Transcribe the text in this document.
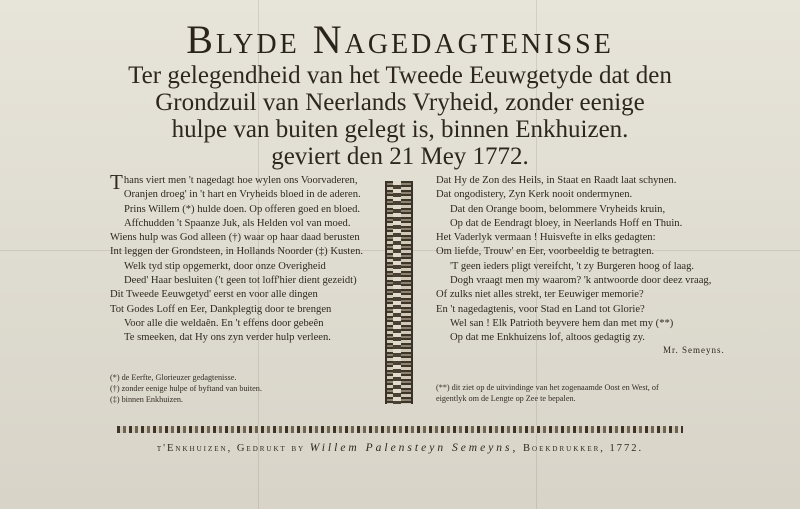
Blyde Nagedagtenisse
Ter gelegendheid van het Tweede Eeuwgetyde dat den
Grondzuil van Neerlands Vryheid, zonder eenige
hulpe van buiten gelegt is, binnen Enkhuizen.
geviert den 21 Mey 1772.
Thans viert men 't nagedagt hoe wylen ons Voorvaderen,
Oranjen droeg' in 't hart en Vryheids bloed in de aderen.
Prins Willem (*) hulde doen. Op offeren goed en bloed.
Affchudden 't Spaanze Juk, als Helden vol van moed.
Wiens hulp was God alleen (†) waar op haar daad berusten
Int leggen der Grondsteen, in Hollands Noorder (‡) Kusten.
Welk tyd stip opgemerkt, door onze Overigheid
Deed' Haar besluiten ('t geen tot loff'hier dient gezeidt)
Dit Tweede Eeuwgetyd' eerst en voor alle dingen
Tot Godes Loff en Eer, Dankplegtig door te brengen
Voor alle die weldaên. En 't effens door gebeên
Te smeeken, dat Hy ons zyn verder hulp verleen.
Dat Hy de Zon des Heils, in Staat en Raadt laat schynen.
Dat ongodistery, Zyn Kerk nooit ondermynen.
Dat den Orange boom, belommere Vryheids kruin,
Op dat de Eendragt bloey, in Neerlands Hoff en Thuin.
Het Vaderlyk vermaan ! Huisvefte in elks gedagten:
Om liefde, Trouw' en Eer, voorbeeldig te betragten.
'T geen ieders pligt vereifcht, 't zy Burgeren hoog of laag.
Dogh vraagt men my waarom? 'k antwoorde door deez vraag,
Of zulks niet alles strekt, ter Eeuwiger memorie?
En 't nagedagtenis, voor Stad en Land tot Glorie?
Wel san ! Elk Patrioth beyvere hem dan met my (**)
Op dat me Enkhuizens lof, altoos gedagtig zy.
Mr. Semeyns.
(*) de Eerfte, Glorieuzer gedagtenisse.
(†) zonder eenige hulpe of byftand van buiten.
(‡) binnen Enkhuizen.
(**) dit ziet op de uitvindinge van het zogenaamde Oost en West, of
eigentlyk om de Lengte op Zee te bepalen.
t'Enkhuizen, Gedrukt by Willem Palensteyn Semeyns, Boekdrukker, 1772.
